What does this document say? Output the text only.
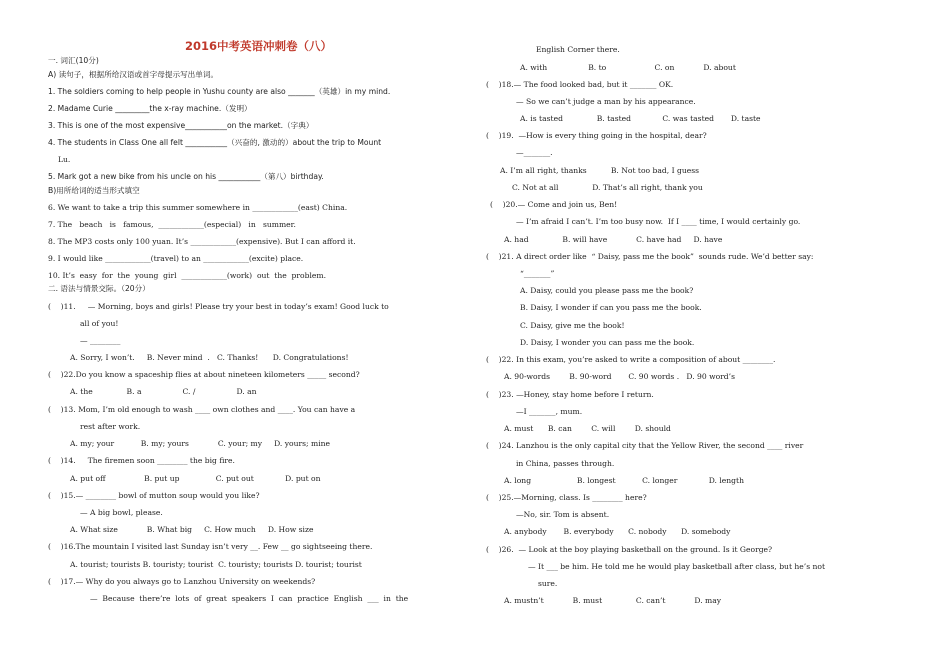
2016中考英语冲刺卷（八）
一. 词汇(10分)
A) 读句子，根据所给汉语或首字母提示写出单词。
1. The soldiers coming to help people in Yushu county are also _______（英雄）in my mind.
2. Madame Curie _________the x-ray machine.（发明）
3. This is one of the most expensive___________on the market.（字典）
4. The students in Class One all felt ___________（兴奋的, 激动的）about the trip to Mount
Lu.
5. Mark got a new bike from his uncle on his ___________（第八）birthday.
B)用所给词的适当形式填空
6. We want to take a trip this summer somewhere in ____________(east) China.
7. The   beach   is   famous,  ____________(especial)   in   summer.
8. The MP3 costs only 100 yuan. It’s ____________(expensive). But I can afford it.
9. I would like ____________(travel) to an ____________(excite) place.
10. It’s  easy  for  the  young  girl  ____________(work)  out  the  problem.
二. 语法与情景交际。（20分）
(    )11.     — Morning, boys and girls! Please try your best in today’s exam! Good luck to
all of you!
— ________
A. Sorry, I won’t.     B. Never mind  .   C. Thanks!      D. Congratulations!
(    )22.Do you know a spaceship flies at about nineteen kilometers _____ second?
A. the              B. a                 C. /                 D. an
(    )13. Mom, I’m old enough to wash ____ own clothes and ____. You can have a
rest after work.
A. my; your           B. my; yours            C. your; my     D. yours; mine
(    )14.     The firemen soon ________ the big fire.
A. put off                B. put up               C. put out             D. put on
(    )15.— ________ bowl of mutton soup would you like?
— A big bowl, please.
A. What size            B. What big     C. How much     D. How size
(    )16.The mountain I visited last Sunday isn’t very __. Few __ go sightseeing there.
A. tourist; tourists B. touristy; tourist  C. touristy; tourists D. tourist; tourist
(    )17.— Why do you always go to Lanzhou University on weekends?
—  Because  there’re  lots  of  great  speakers  I  can  practice  English  ___  in  the
English Corner there.
A. with                 B. to                    C. on            D. about
(    )18.— The food looked bad, but it _______ OK.
— So we can’t judge a man by his appearance.
A. is tasted              B. tasted             C. was tasted       D. taste
(    )19.  —How is every thing going in the hospital, dear?
—_______.
A. I’m all right, thanks          B. Not too bad, I guess
C. Not at all              D. That’s all right, thank you
(    )20.— Come and join us, Ben!
— I’m afraid I can’t. I’m too busy now.  If I ____ time, I would certainly go.
A. had              B. will have            C. have had     D. have
(    )21. A direct order like  “ Daisy, pass me the book”  sounds rude. We’d better say:
“_______”
A. Daisy, could you please pass me the book?
B. Daisy, I wonder if can you pass me the book.
C. Daisy, give me the book!
D. Daisy, I wonder you can pass me the book.
(    )22. In this exam, you’re asked to write a composition of about ________.
A. 90-words        B. 90-word       C. 90 words .   D. 90 word’s
(    )23. —Honey, stay home before I return.
—I _______, mum.
A. must      B. can        C. will        D. should
(    )24. Lanzhou is the only capital city that the Yellow River, the second ____ river
in China, passes through.
A. long                   B. longest           C. longer             D. length
(    )25.—Morning, class. Is ________ here?
—No, sir. Tom is absent.
A. anybody       B. everybody      C. nobody      D. somebody
(    )26.  — Look at the boy playing basketball on the ground. Is it George?
— It ___ be him. He told me he would play basketball after class, but he’s not
sure.
A. mustn’t            B. must              C. can’t            D. may
